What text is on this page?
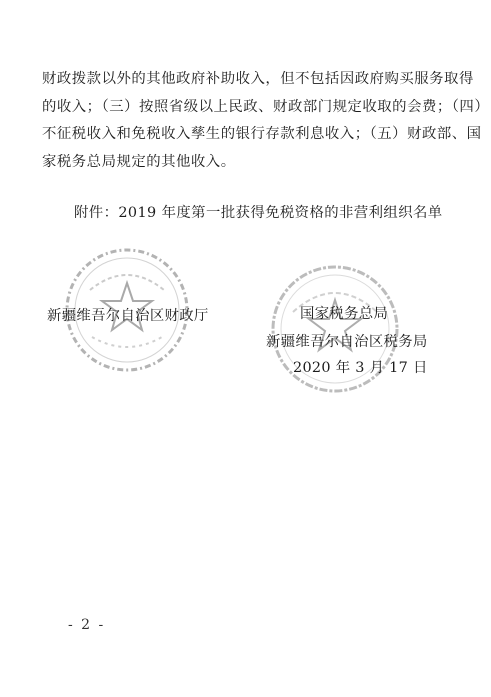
财政拨款以外的其他政府补助收入，但不包括因政府购买服务取得
的收入；（三）按照省级以上民政、财政部门规定收取的会费；（四）
不征税收入和免税收入孳生的银行存款利息收入；（五）财政部、国
家税务总局规定的其他收入。
附件：2019 年度第一批获得免税资格的非营利组织名单
新疆维吾尔自治区财政厅	国家税务总局
新疆维吾尔自治区税务局
2020 年 3 月 17 日
- 2 -
